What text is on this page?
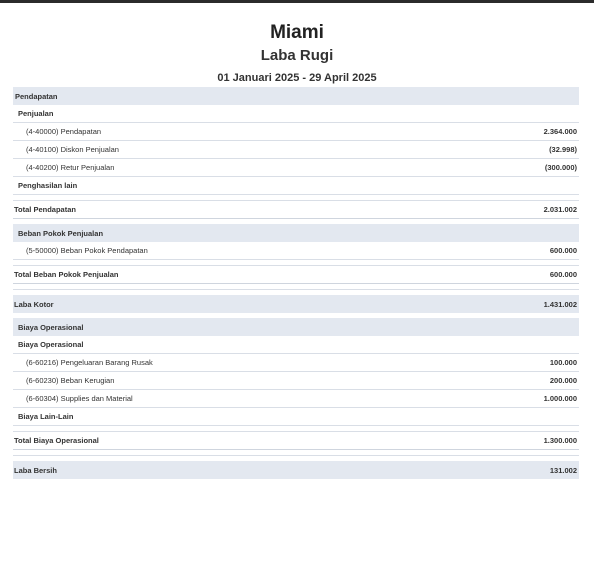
Miami
Laba Rugi
01 Januari 2025 - 29 April 2025
Pendapatan
Penjualan
(4-40000) Pendapatan	2.364.000
(4-40100) Diskon Penjualan	(32.998)
(4-40200) Retur Penjualan	(300.000)
Penghasilan lain
Total Pendapatan	2.031.002
Beban Pokok Penjualan
(5-50000) Beban Pokok Pendapatan	600.000
Total Beban Pokok Penjualan	600.000
Laba Kotor	1.431.002
Biaya Operasional
Biaya Operasional
(6-60216) Pengeluaran Barang Rusak	100.000
(6-60230) Beban Kerugian	200.000
(6-60304) Supplies dan Material	1.000.000
Biaya Lain-Lain
Total Biaya Operasional	1.300.000
Laba Bersih	131.002
